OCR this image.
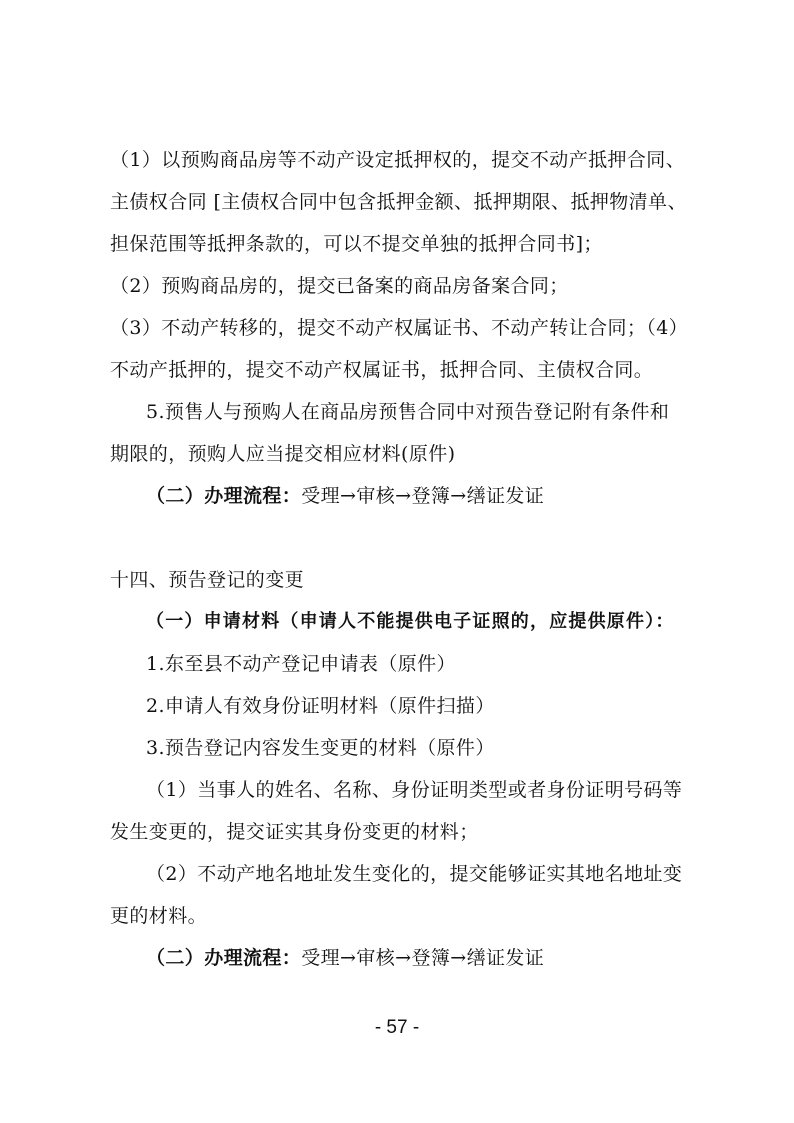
（1）以预购商品房等不动产设定抵押权的，提交不动产抵押合同、
主债权合同 [主债权合同中包含抵押金额、抵押期限、抵押物清单、
担保范围等抵押条款的，可以不提交单独的抵押合同书]；
（2）预购商品房的，提交已备案的商品房备案合同；
（3）不动产转移的，提交不动产权属证书、不动产转让合同；（4）
不动产抵押的，提交不动产权属证书，抵押合同、主债权合同。
5.预售人与预购人在商品房预售合同中对预告登记附有条件和
期限的，预购人应当提交相应材料(原件)
（二）办理流程：受理→审核→登簿→缮证发证
十四、预告登记的变更
（一）申请材料（申请人不能提供电子证照的，应提供原件）：
1.东至县不动产登记申请表（原件）
2.申请人有效身份证明材料（原件扫描）
3.预告登记内容发生变更的材料（原件）
（1）当事人的姓名、名称、身份证明类型或者身份证明号码等
发生变更的，提交证实其身份变更的材料；
（2）不动产地名地址发生变化的，提交能够证实其地名地址变
更的材料。
（二）办理流程：受理→审核→登簿→缮证发证
- 57 -
